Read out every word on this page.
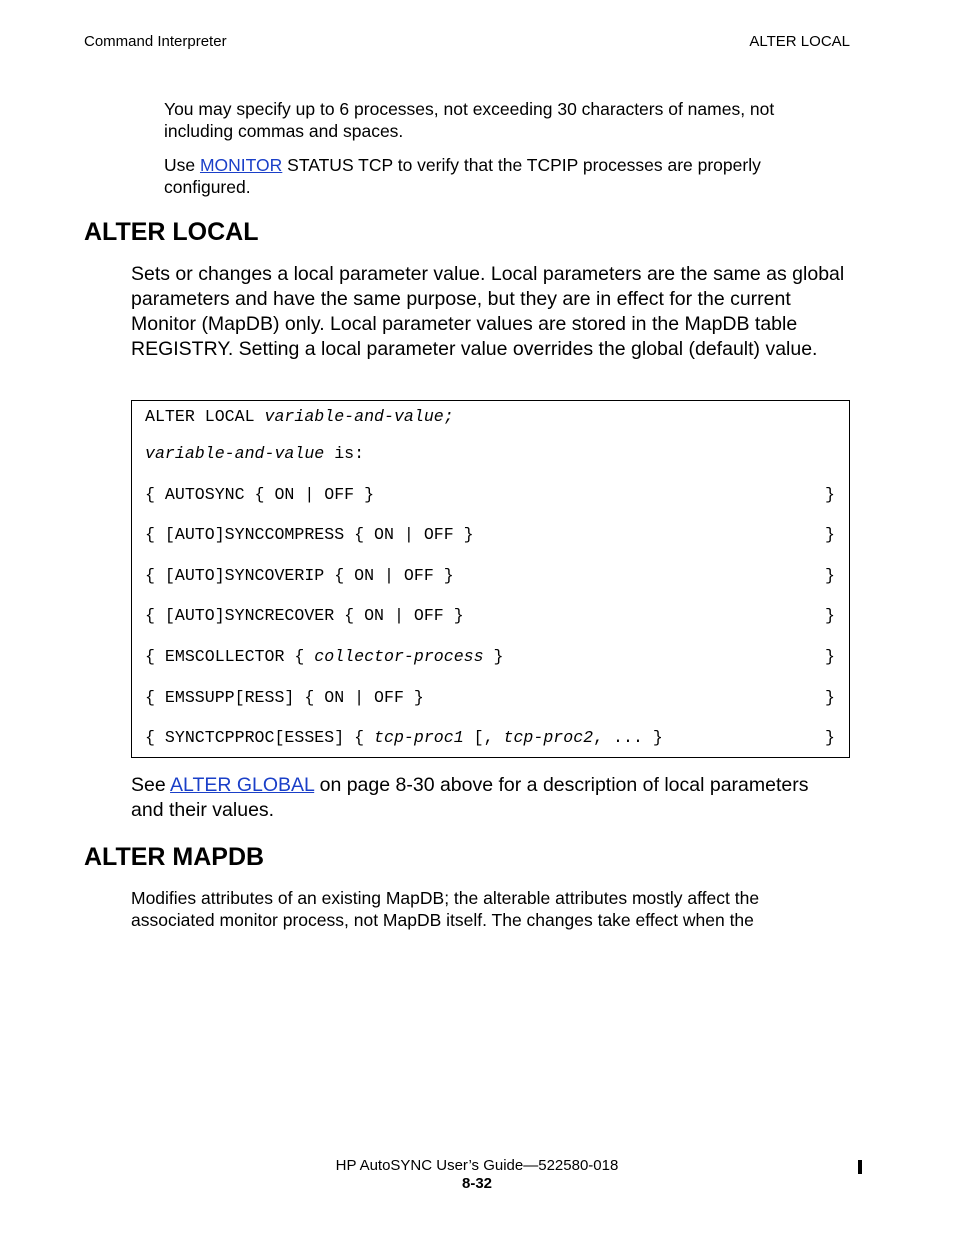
Command Interpreter	ALTER LOCAL

You may specify up to 6 processes, not exceeding 30 characters of names, not including commas and spaces.

Use MONITOR STATUS TCP to verify that the TCPIP processes are properly configured.

ALTER LOCAL

Sets or changes a local parameter value. Local parameters are the same as global parameters and have the same purpose, but they are in effect for the current Monitor (MapDB) only. Local parameter values are stored in the MapDB table REGISTRY. Setting a local parameter value overrides the global (default) value.

ALTER LOCAL variable-and-value;
variable-and-value is:
{ AUTOSYNC { ON | OFF }	}
{ [AUTO]SYNCCOMPRESS { ON | OFF }	}
{ [AUTO]SYNCOVERIP { ON | OFF }	}
{ [AUTO]SYNCRECOVER { ON | OFF }	}
{ EMSCOLLECTOR { collector-process }	}
{ EMSSUPP[RESS] { ON | OFF }	}
{ SYNCTCPPROC[ESSES] { tcp-proc1 [, tcp-proc2, ... }	}

See ALTER GLOBAL on page 8-30 above for a description of local parameters and their values.

ALTER MAPDB

Modifies attributes of an existing MapDB; the alterable attributes mostly affect the associated monitor process, not MapDB itself. The changes take effect when the

HP AutoSYNC User’s Guide—522580-018
8-32
